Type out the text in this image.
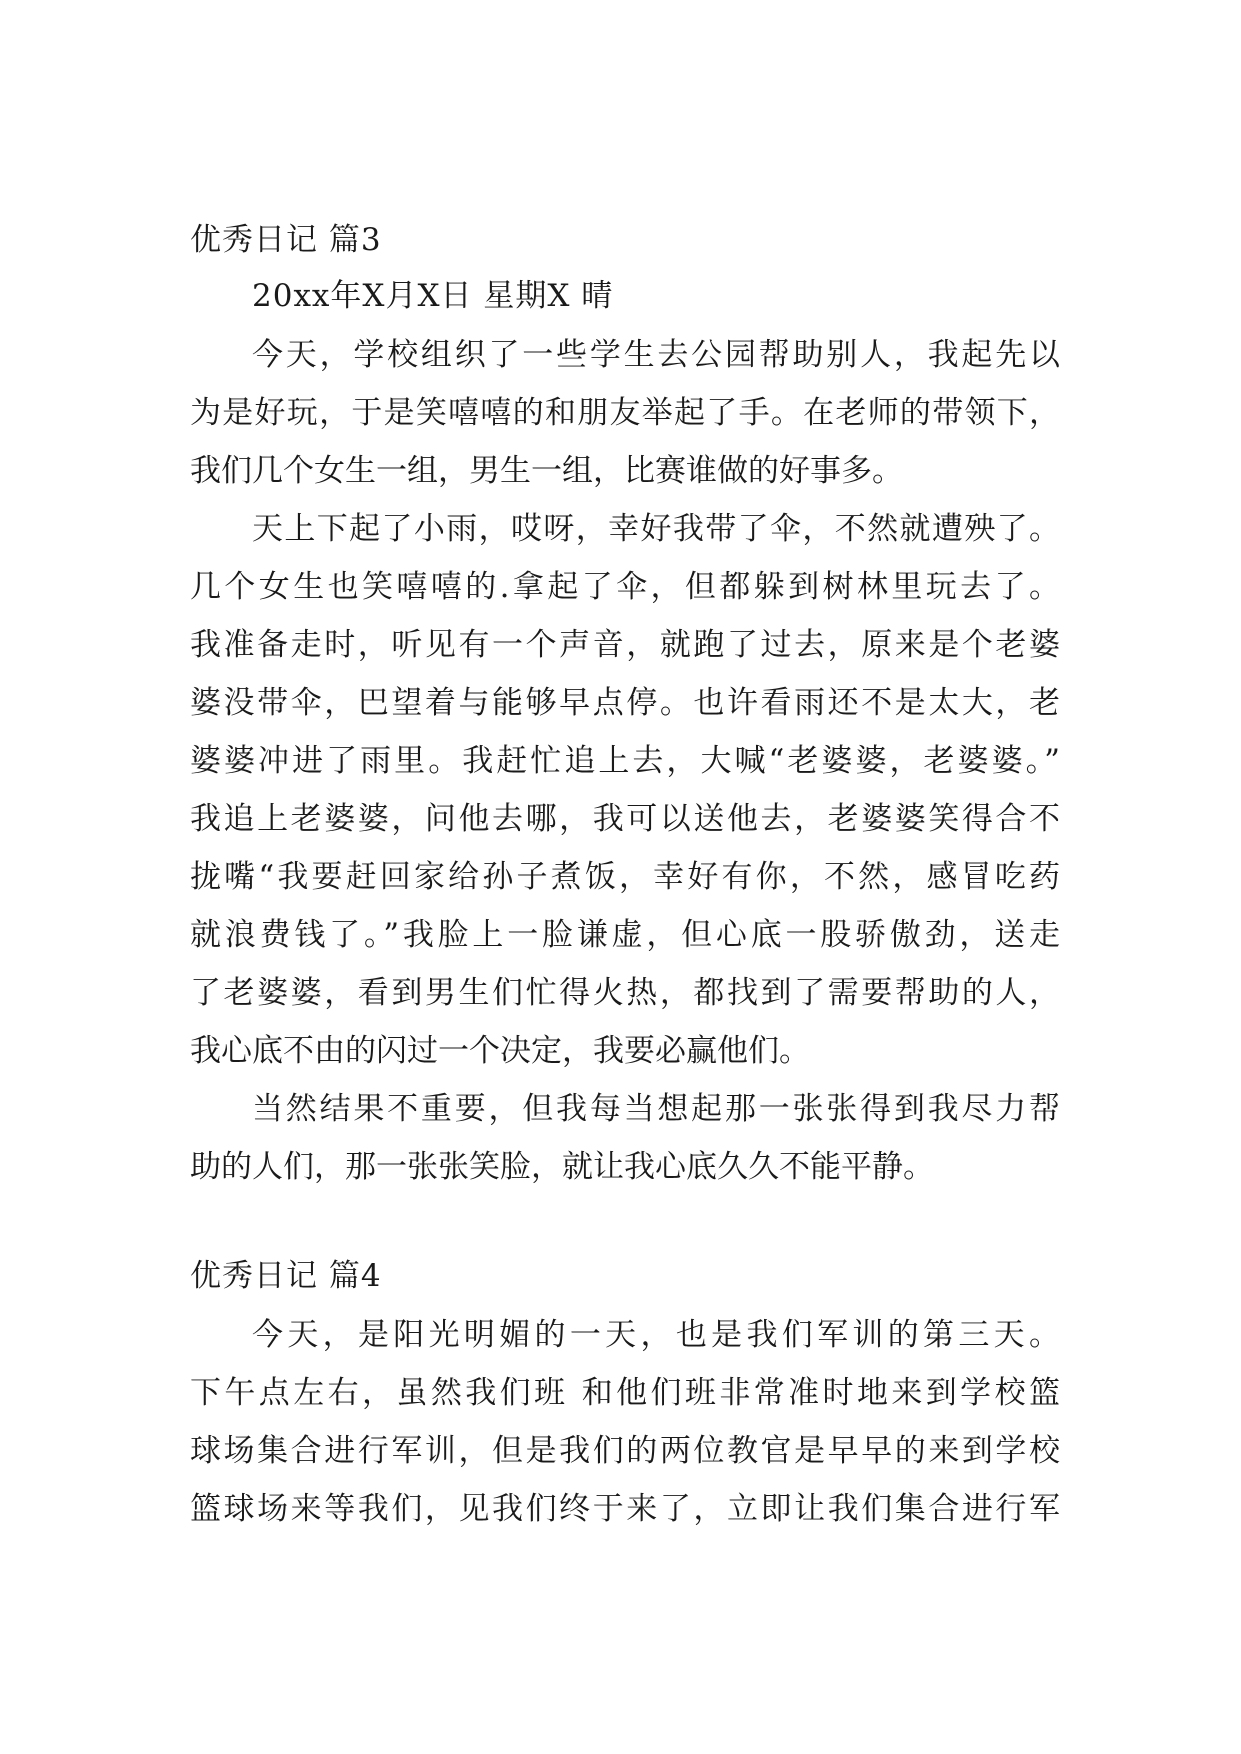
优秀日记 篇3
20xx年X月X日 星期X 晴
今天，学校组织了一些学生去公园帮助别人，我起先以
为是好玩，于是笑嘻嘻的和朋友举起了手。在老师的带领下，
我们几个女生一组，男生一组，比赛谁做的好事多。
天上下起了小雨，哎呀，幸好我带了伞，不然就遭殃了。
几个女生也笑嘻嘻的.拿起了伞，但都躲到树林里玩去了。
我准备走时，听见有一个声音，就跑了过去，原来是个老婆
婆没带伞，巴望着与能够早点停。也许看雨还不是太大，老
婆婆冲进了雨里。我赶忙追上去，大喊“老婆婆，老婆婆。”
我追上老婆婆，问他去哪，我可以送他去，老婆婆笑得合不
拢嘴“我要赶回家给孙子煮饭，幸好有你，不然，感冒吃药
就浪费钱了。”我脸上一脸谦虚，但心底一股骄傲劲，送走
了老婆婆，看到男生们忙得火热，都找到了需要帮助的人，
我心底不由的闪过一个决定，我要必赢他们。
当然结果不重要，但我每当想起那一张张得到我尽力帮
助的人们，那一张张笑脸，就让我心底久久不能平静。
优秀日记 篇4
今天，是阳光明媚的一天，也是我们军训的第三天。
下午点左右，虽然我们班 和他们班非常准时地来到学校篮
球场集合进行军训，但是我们的两位教官是早早的来到学校
篮球场来等我们，见我们终于来了，立即让我们集合进行军
